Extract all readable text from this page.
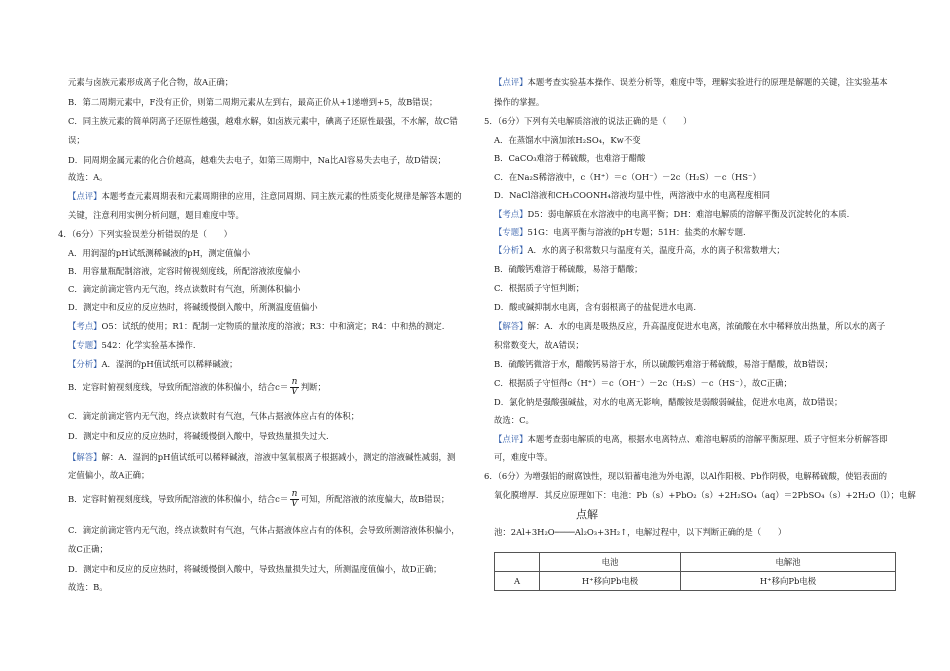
元素与卤族元素形成离子化合物，故A正确；
B．第二周期元素中，F没有正价，则第二周期元素从左到右，最高正价从+1递增到+5，故B错误；
C．同主族元素的简单阴离子还原性越强，越难水解，如卤族元素中，碘离子还原性最强，不水解，故C错
误；
D．同周期金属元素的化合价越高，越难失去电子，如第三周期中，Na比Al容易失去电子，故D错误；
故选：A。
【点评】本题考查元素周期表和元素周期律的应用，注意同周期、同主族元素的性质变化规律是解答本题的
关键，注意利用实例分析问题，题目难度中等。
4．（6分）下列实验误差分析错误的是（　　）
A．用润湿的pH试纸测稀碱液的pH，测定值偏小
B．用容量瓶配制溶液，定容时俯视刻度线，所配溶液浓度偏小
C．滴定前滴定管内无气泡，终点读数时有气泡，所测体积偏小
D．测定中和反应的反应热时，将碱缓慢倒入酸中，所测温度值偏小
【考点】O5：试纸的使用；R1：配制一定物质的量浓度的溶液；R3：中和滴定；R4：中和热的测定.
【专题】542：化学实验基本操作.
【分析】A．湿润的pH值试纸可以稀释碱液；
B．定容时俯视刻度线，导致所配溶液的体积偏小，结合$c= \frac{n}{V}$ 判断；
C．滴定前滴定管内无气泡，终点读数时有气泡，气体占据液体应占有的体积；
D．测定中和反应的反应热时，将碱缓慢倒入酸中，导致热量损失过大.
【解答】解：A．湿润的pH值试纸可以稀释碱液，溶液中氢氧根离子根据减小，测定的溶液碱性减弱，测
定值偏小，故A正确；
B．定容时俯视刻度线，导致所配溶液的体积偏小，结合$c= \frac{n}{V}$ 可知，所配溶液的浓度偏大，故B错误；
C．滴定前滴定管内无气泡，终点读数时有气泡，气体占据液体应占有的体积，会导致所测溶液体积偏小，
故C正确；
D．测定中和反应的反应热时，将碱缓慢倒入酸中，导致热量损失过大，所测温度值偏小，故D正确；
故选：B。
【点评】本题考查实验基本操作、误差分析等，难度中等，理解实验进行的原理是解题的关键，注实验基本
操作的掌握。
5．（6分）下列有关电解质溶液的说法正确的是（　　）
A．在蒸馏水中滴加浓H₂SO₄，Kw不变
B．CaCO₃难溶于稀硫酸，也难溶于醋酸
C．在Na₂S稀溶液中，c（H⁺）＝c（OH⁻）－2c（H₂S）－c（HS⁻）
D．NaCl溶液和CH₃COONH₄溶液均显中性，两溶液中水的电离程度相同
【考点】D5：弱电解质在水溶液中的电离平衡；DH：难溶电解质的溶解平衡及沉淀转化的本质.
【专题】51G：电离平衡与溶液的pH专题；51H：盐类的水解专题.
【分析】A．水的离子积常数只与温度有关，温度升高，水的离子积常数增大；
B．硫酸钙难溶于稀硫酸，易溶于醋酸；
C．根据质子守恒判断；
D．酸或碱抑制水电离，含有弱根离子的盐促进水电离.
【解答】解：A．水的电离是吸热反应，升高温度促进水电离，浓硫酸在水中稀释放出热量，所以水的离子
积常数变大，故A错误；
B．硫酸钙微溶于水，醋酸钙易溶于水，所以硫酸钙难溶于稀硫酸，易溶于醋酸，故B错误；
C．根据质子守恒得c（H⁺）＝c（OH⁻）－2c（H₂S）－c（HS⁻），故C正确；
D．氯化钠是强酸强碱盐，对水的电离无影响，醋酸铵是弱酸弱碱盐，促进水电离，故D错误；
故选：C。
【点评】本题考查弱电解质的电离，根据水电离特点、难溶电解质的溶解平衡原理、质子守恒来分析解答即
可，难度中等。
6．（6分）为增强铝的耐腐蚀性，现以铅蓄电池为外电源，以Al作阳极、Pb作阴极，电解稀硫酸，使铝表面的
氧化膜增厚．其反应原理如下：电池：Pb（s）+PbO₂（s）+2H₂SO₄（aq）＝2PbSO₄（s）+2H₂O（l）；电解
点解
池：2Al+3H₂O────Al₂O₃+3H₂↑，电解过程中，以下判断正确的是（　　）
	电池	电解池
A	H⁺移向Pb电极	H⁺移向Pb电极
